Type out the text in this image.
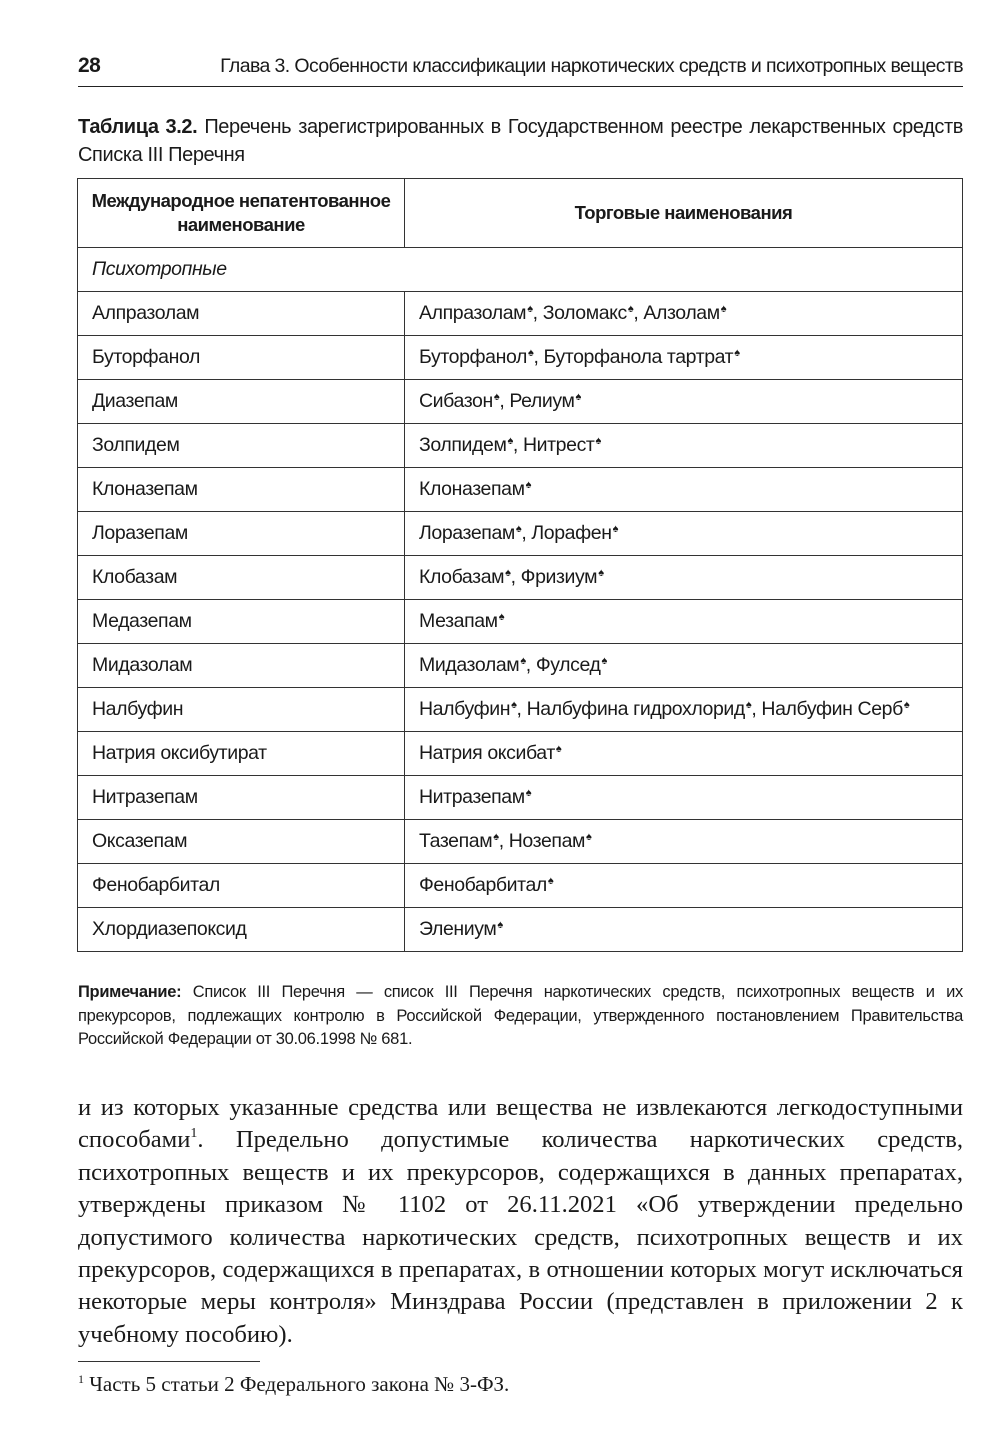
28	Глава 3. Особенности классификации наркотических средств и психотропных веществ
Таблица 3.2. Перечень зарегистрированных в Государственном реестре лекарственных средств Списка III Перечня
Международное непатентованное наименование	Торговые наименования
Психотропные	
Алпразолам	Алпразолам♠, Золомакс♠, Алзолам♠
Буторфанол	Буторфанол♠, Буторфанола тартрат♠
Диазепам	Сибазон♠, Релиум♠
Золпидем	Золпидем♠, Нитрест♠
Клоназепам	Клоназепам♠
Лоразепам	Лоразепам♠, Лорафен♠
Клобазам	Клобазам♠, Фризиум♠
Медазепам	Мезапам♠
Мидазолам	Мидазолам♠, Фулсед♠
Налбуфин	Налбуфин♠, Налбуфина гидрохлорид♠, Налбуфин Серб♠
Натрия оксибутират	Натрия оксибат♠
Нитразепам	Нитразепам♠
Оксазепам	Тазепам♠, Нозепам♠
Фенобарбитал	Фенобарбитал♠
Хлордиазепоксид	Элениум♠
Примечание: Список III Перечня — список III Перечня наркотических средств, психотропных веществ и их прекурсоров, подлежащих контролю в Российской Федерации, утвержденного постановлением Правительства Российской Федерации от 30.06.1998 № 681.
и из которых указанные средства или вещества не извлекаются легкодоступными способами$^1$. Предельно допустимые количества наркотических средств, психотропных веществ и их прекурсоров, содержащихся в данных препаратах, утверждены приказом № 1102 от 26.11.2021 «Об утверждении предельно допустимого количества наркотических средств, психотропных веществ и их прекурсоров, содержащихся в препаратах, в отношении которых могут исключаться некоторые меры контроля» Минздрава России (представлен в приложении 2 к учебному пособию).
$^1$ Часть 5 статьи 2 Федерального закона № 3-ФЗ.
